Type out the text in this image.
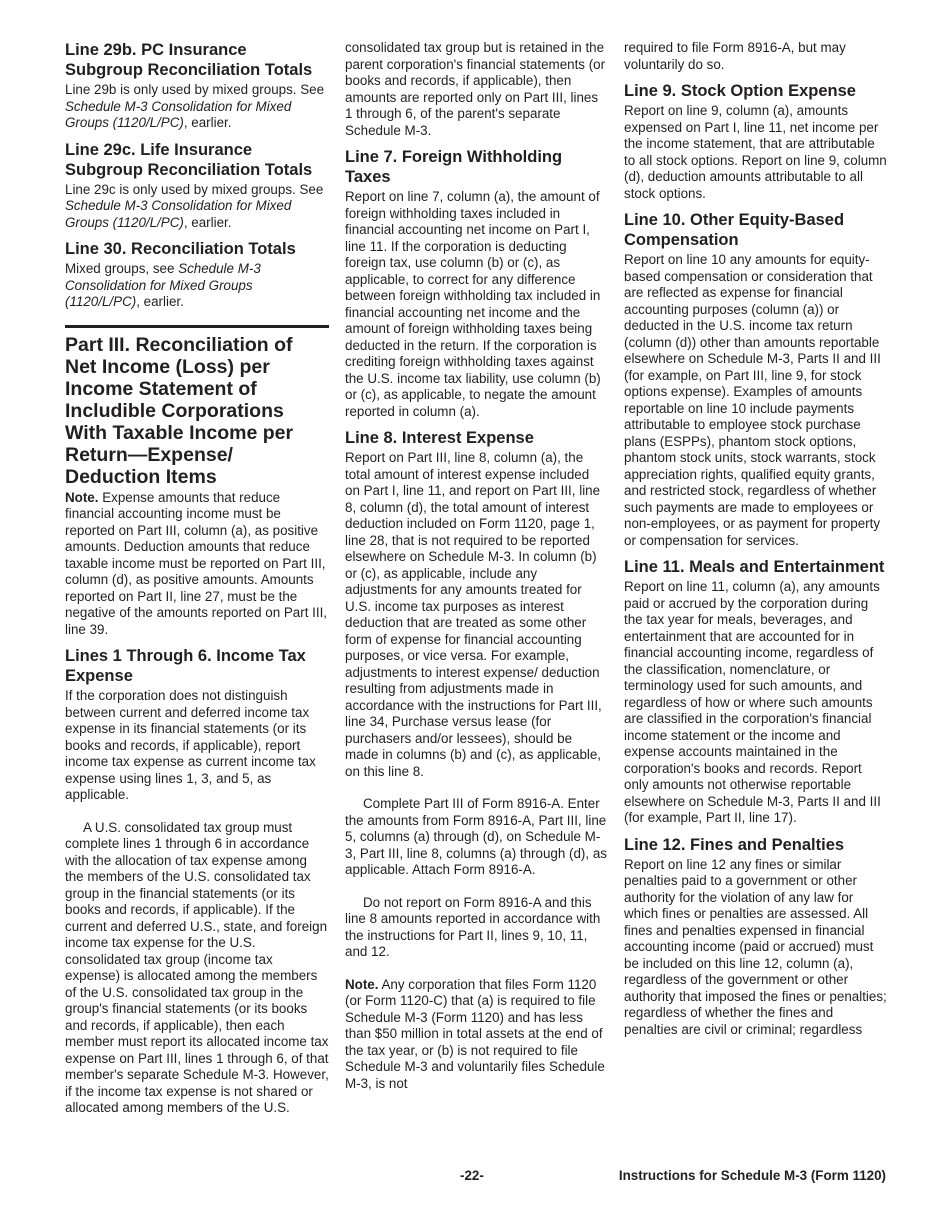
Line 29b. PC Insurance Subgroup Reconciliation Totals

Line 29b is only used by mixed groups. See Schedule M-3 Consolidation for Mixed Groups (1120/L/PC), earlier.

Line 29c. Life Insurance Subgroup Reconciliation Totals

Line 29c is only used by mixed groups. See Schedule M-3 Consolidation for Mixed Groups (1120/L/PC), earlier.

Line 30. Reconciliation Totals

Mixed groups, see Schedule M-3 Consolidation for Mixed Groups (1120/L/PC), earlier.

Part III. Reconciliation of Net Income (Loss) per Income Statement of Includible Corporations With Taxable Income per Return—Expense/ Deduction Items

Note. Expense amounts that reduce financial accounting income must be reported on Part III, column (a), as positive amounts. Deduction amounts that reduce taxable income must be reported on Part III, column (d), as positive amounts. Amounts reported on Part II, line 27, must be the negative of the amounts reported on Part III, line 39.

Lines 1 Through 6. Income Tax Expense

If the corporation does not distinguish between current and deferred income tax expense in its financial statements (or its books and records, if applicable), report income tax expense as current income tax expense using lines 1, 3, and 5, as applicable.

A U.S. consolidated tax group must complete lines 1 through 6 in accordance with the allocation of tax expense among the members of the U.S. consolidated tax group in the financial statements (or its books and records, if applicable). If the current and deferred U.S., state, and foreign income tax expense for the U.S. consolidated tax group (income tax expense) is allocated among the members of the U.S. consolidated tax group in the group's financial statements (or its books and records, if applicable), then each member must report its allocated income tax expense on Part III, lines 1 through 6, of that member's separate Schedule M-3. However, if the income tax expense is not shared or allocated among members of the U.S.

consolidated tax group but is retained in the parent corporation's financial statements (or books and records, if applicable), then amounts are reported only on Part III, lines 1 through 6, of the parent's separate Schedule M-3.

Line 7. Foreign Withholding Taxes

Report on line 7, column (a), the amount of foreign withholding taxes included in financial accounting net income on Part I, line 11. If the corporation is deducting foreign tax, use column (b) or (c), as applicable, to correct for any difference between foreign withholding tax included in financial accounting net income and the amount of foreign withholding taxes being deducted in the return. If the corporation is crediting foreign withholding taxes against the U.S. income tax liability, use column (b) or (c), as applicable, to negate the amount reported in column (a).

Line 8. Interest Expense

Report on Part III, line 8, column (a), the total amount of interest expense included on Part I, line 11, and report on Part III, line 8, column (d), the total amount of interest deduction included on Form 1120, page 1, line 28, that is not required to be reported elsewhere on Schedule M-3. In column (b) or (c), as applicable, include any adjustments for any amounts treated for U.S. income tax purposes as interest deduction that are treated as some other form of expense for financial accounting purposes, or vice versa. For example, adjustments to interest expense/ deduction resulting from adjustments made in accordance with the instructions for Part III, line 34, Purchase versus lease (for purchasers and/or lessees), should be made in columns (b) and (c), as applicable, on this line 8.

Complete Part III of Form 8916-A. Enter the amounts from Form 8916-A, Part III, line 5, columns (a) through (d), on Schedule M-3, Part III, line 8, columns (a) through (d), as applicable. Attach Form 8916-A.

Do not report on Form 8916-A and this line 8 amounts reported in accordance with the instructions for Part II, lines 9, 10, 11, and 12.

Note. Any corporation that files Form 1120 (or Form 1120-C) that (a) is required to file Schedule M-3 (Form 1120) and has less than $50 million in total assets at the end of the tax year, or (b) is not required to file Schedule M-3 and voluntarily files Schedule M-3, is not

required to file Form 8916-A, but may voluntarily do so.

Line 9. Stock Option Expense

Report on line 9, column (a), amounts expensed on Part I, line 11, net income per the income statement, that are attributable to all stock options. Report on line 9, column (d), deduction amounts attributable to all stock options.

Line 10. Other Equity-Based Compensation

Report on line 10 any amounts for equity-based compensation or consideration that are reflected as expense for financial accounting purposes (column (a)) or deducted in the U.S. income tax return (column (d)) other than amounts reportable elsewhere on Schedule M-3, Parts II and III (for example, on Part III, line 9, for stock options expense). Examples of amounts reportable on line 10 include payments attributable to employee stock purchase plans (ESPPs), phantom stock options, phantom stock units, stock warrants, stock appreciation rights, qualified equity grants, and restricted stock, regardless of whether such payments are made to employees or non-employees, or as payment for property or compensation for services.

Line 11. Meals and Entertainment

Report on line 11, column (a), any amounts paid or accrued by the corporation during the tax year for meals, beverages, and entertainment that are accounted for in financial accounting income, regardless of the classification, nomenclature, or terminology used for such amounts, and regardless of how or where such amounts are classified in the corporation's financial income statement or the income and expense accounts maintained in the corporation's books and records. Report only amounts not otherwise reportable elsewhere on Schedule M-3, Parts II and III (for example, Part II, line 17).

Line 12. Fines and Penalties

Report on line 12 any fines or similar penalties paid to a government or other authority for the violation of any law for which fines or penalties are assessed. All fines and penalties expensed in financial accounting income (paid or accrued) must be included on this line 12, column (a), regardless of the government or other authority that imposed the fines or penalties; regardless of whether the fines and penalties are civil or criminal; regardless

-22-	Instructions for Schedule M-3 (Form 1120)
